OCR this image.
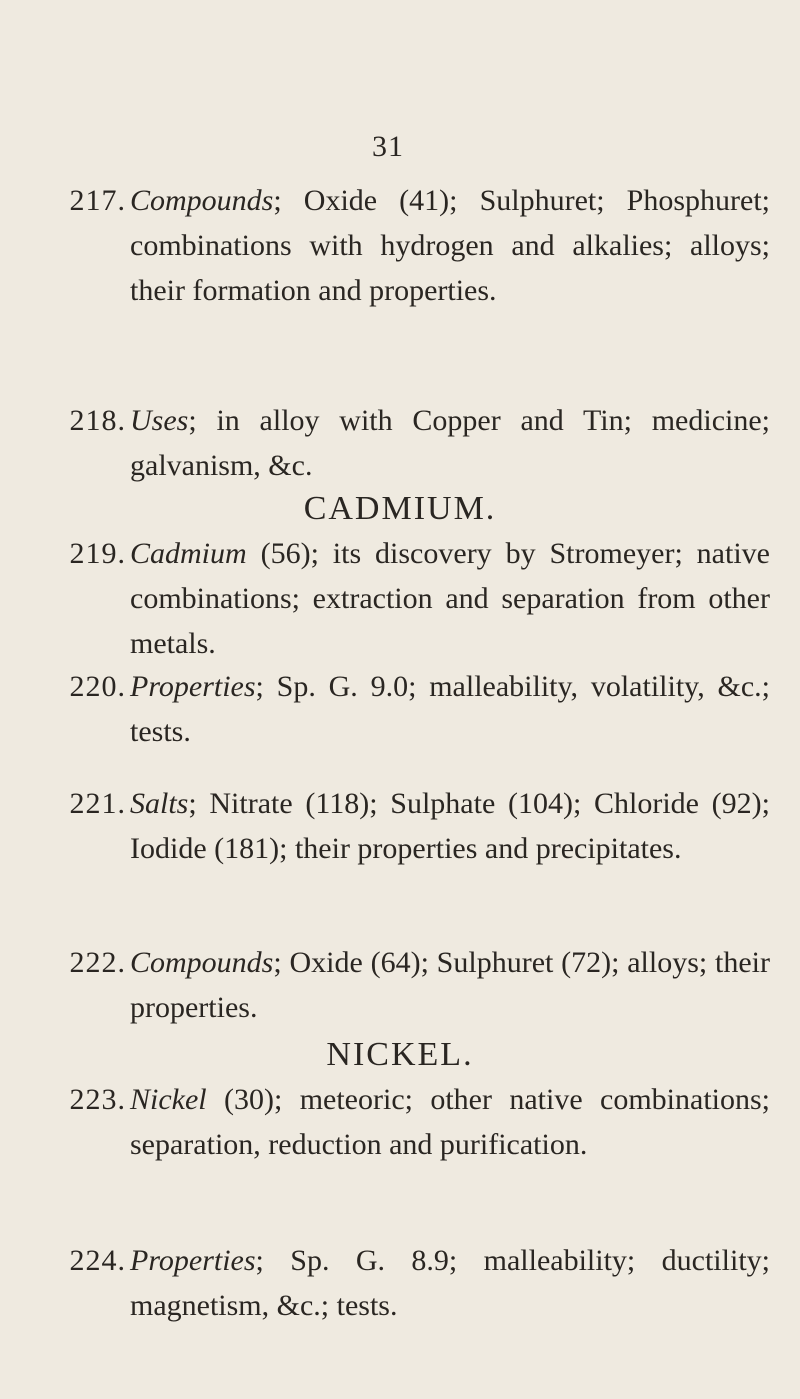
31
217. Compounds; Oxide (41); Sulphuret; Phosphuret; combinations with hydrogen and alkalies; alloys; their formation and properties.
218. Uses; in alloy with Copper and Tin; medicine; galvanism, &c.
CADMIUM.
219. Cadmium (56); its discovery by Stromeyer; native combinations; extraction and separation from other metals.
220. Properties; Sp. G. 9.0; malleability, volatility, &c.; tests.
221. Salts; Nitrate (118); Sulphate (104); Chloride (92); Iodide (181); their properties and precipitates.
222. Compounds; Oxide (64); Sulphuret (72); alloys; their properties.
NICKEL.
223. Nickel (30); meteoric; other native combinations; separation, reduction and purification.
224. Properties; Sp. G. 8.9; malleability; ductility; magnetism, &c.; tests.
